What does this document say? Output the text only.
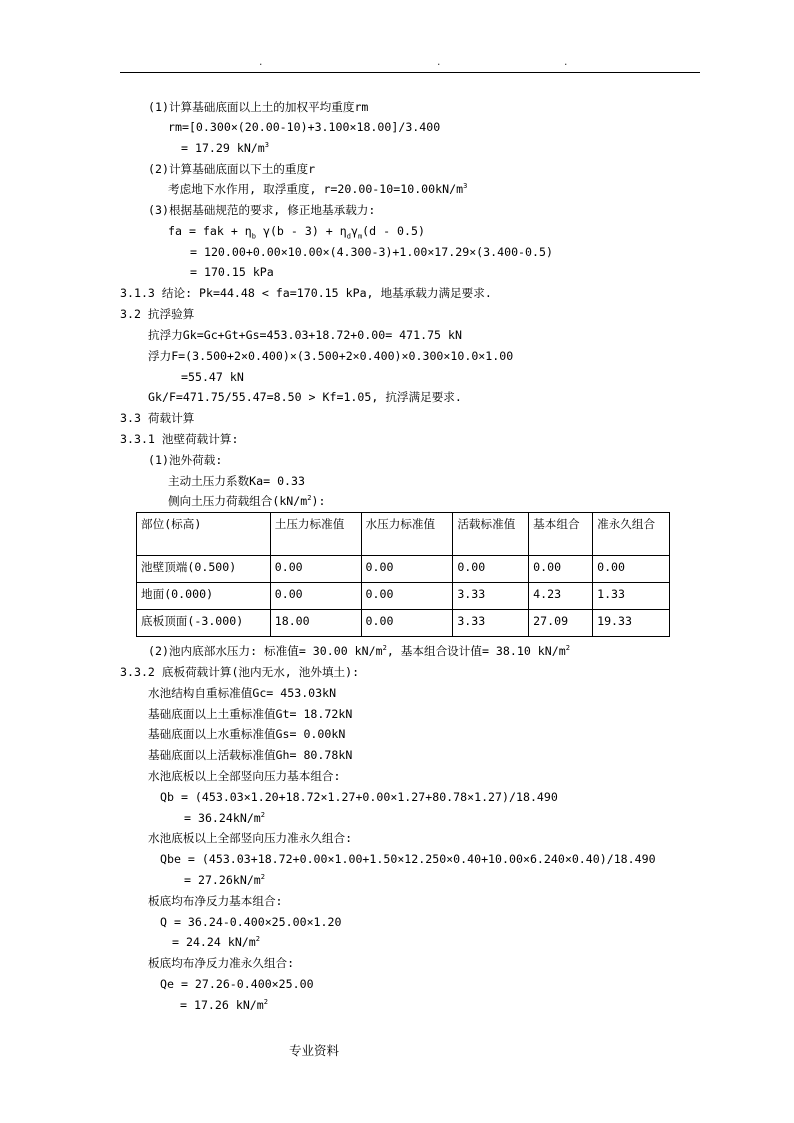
.	.	.
(1)计算基础底面以上土的加权平均重度rm
rm=[0.300×(20.00-10)+3.100×18.00]/3.400
= 17.29 $kN/m^3$
(2)计算基础底面以下土的重度r
考虑地下水作用, 取浮重度, $r=20.00-10=10.00kN/m^3$
(3)根据基础规范的要求, 修正地基承载力:
fa = fak + $\eta_b$ $\gamma(b - 3) + \eta_d\gamma_m(d - 0.5)$
= 120.00+0.00×10.00×(4.300-3)+1.00×17.29×(3.400-0.5)
= 170.15 kPa
3.1.3 结论: Pk=44.48 < fa=170.15 kPa, 地基承载力满足要求.
3.2 抗浮验算
抗浮力Gk=Gc+Gt+Gs=453.03+18.72+0.00= 471.75 kN
浮力F=(3.500+2×0.400)×(3.500+2×0.400)×0.300×10.0×1.00
=55.47 kN
Gk/F=471.75/55.47=8.50 > Kf=1.05, 抗浮满足要求.
3.3 荷载计算
3.3.1 池壁荷载计算:
(1)池外荷载:
主动土压力系数Ka= 0.33
侧向土压力荷载组合$(kN/m^2)$:
部位(标高)	土压力标准值	水压力标准值	活载标准值	基本组合	准永久组合
池壁顶端(0.500)	0.00	0.00	0.00	0.00	0.00
地面(0.000)	0.00	0.00	3.33	4.23	1.33
底板顶面(-3.000)	18.00	0.00	3.33	27.09	19.33
(2)池内底部水压力: 标准值= 30.00 $kN/m^2$, 基本组合设计值= 38.10 $kN/m^2$
3.3.2 底板荷载计算(池内无水, 池外填土):
水池结构自重标准值Gc= 453.03kN
基础底面以上土重标准值Gt= 18.72kN
基础底面以上水重标准值Gs= 0.00kN
基础底面以上活载标准值Gh= 80.78kN
水池底板以上全部竖向压力基本组合:
Qb = (453.03×1.20+18.72×1.27+0.00×1.27+80.78×1.27)/18.490
= $36.24kN/m^2$
水池底板以上全部竖向压力准永久组合:
Qbe = (453.03+18.72+0.00×1.00+1.50×12.250×0.40+10.00×6.240×0.40)/18.490
= $27.26kN/m^2$
板底均布净反力基本组合:
Q = 36.24-0.400×25.00×1.20
= 24.24 $kN/m^2$
板底均布净反力准永久组合:
Qe = 27.26-0.400×25.00
= 17.26 $kN/m^2$
专业资料
